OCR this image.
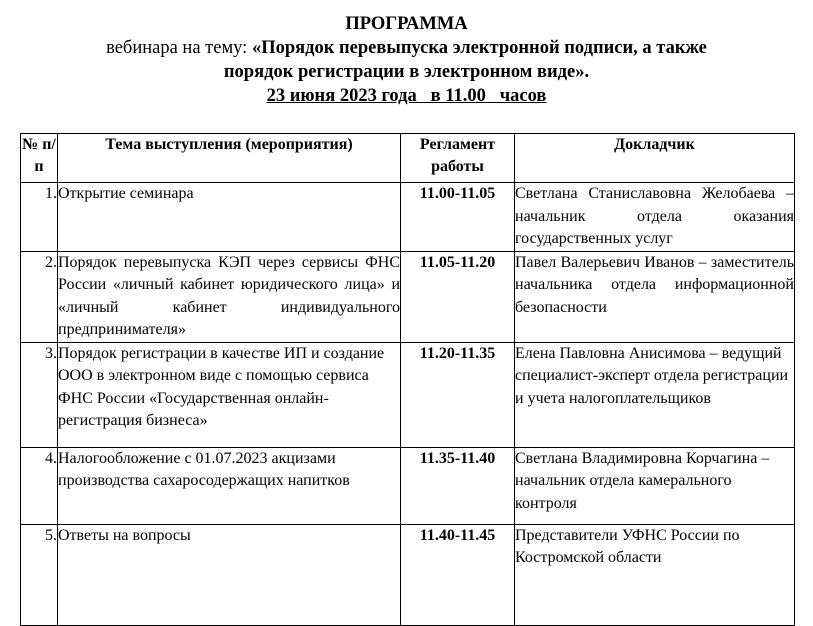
ПРОГРАММА
вебинара на тему: «Порядок перевыпуска электронной подписи, а также
порядок регистрации в электронном виде».
23 июня 2023 года   в 11.00   часов
№ п/п	Тема выступления (мероприятия)	Регламент работы	Докладчик
1.	Открытие семинара	11.00-11.05	Светлана Станиславовна Желобаева – начальник отдела оказания государственных услуг
2.	Порядок перевыпуска КЭП через сервисы ФНС России «личный кабинет юридического лица» и «личный кабинет индивидуального предпринимателя»	11.05-11.20	Павел Валерьевич Иванов – заместитель начальника отдела информационной безопасности
3.	Порядок регистрации в качестве ИП и создание ООО в электронном виде с помощью сервиса ФНС России «Государственная онлайн-регистрация бизнеса»	11.20-11.35	Елена Павловна Анисимова – ведущий специалист-эксперт отдела регистрации и учета налогоплательщиков
4.	Налогообложение с 01.07.2023 акцизами производства сахаросодержащих напитков	11.35-11.40	Светлана Владимировна Корчагина – начальник отдела камерального контроля
5.	Ответы на вопросы	11.40-11.45	Представители УФНС России по Костромской области
